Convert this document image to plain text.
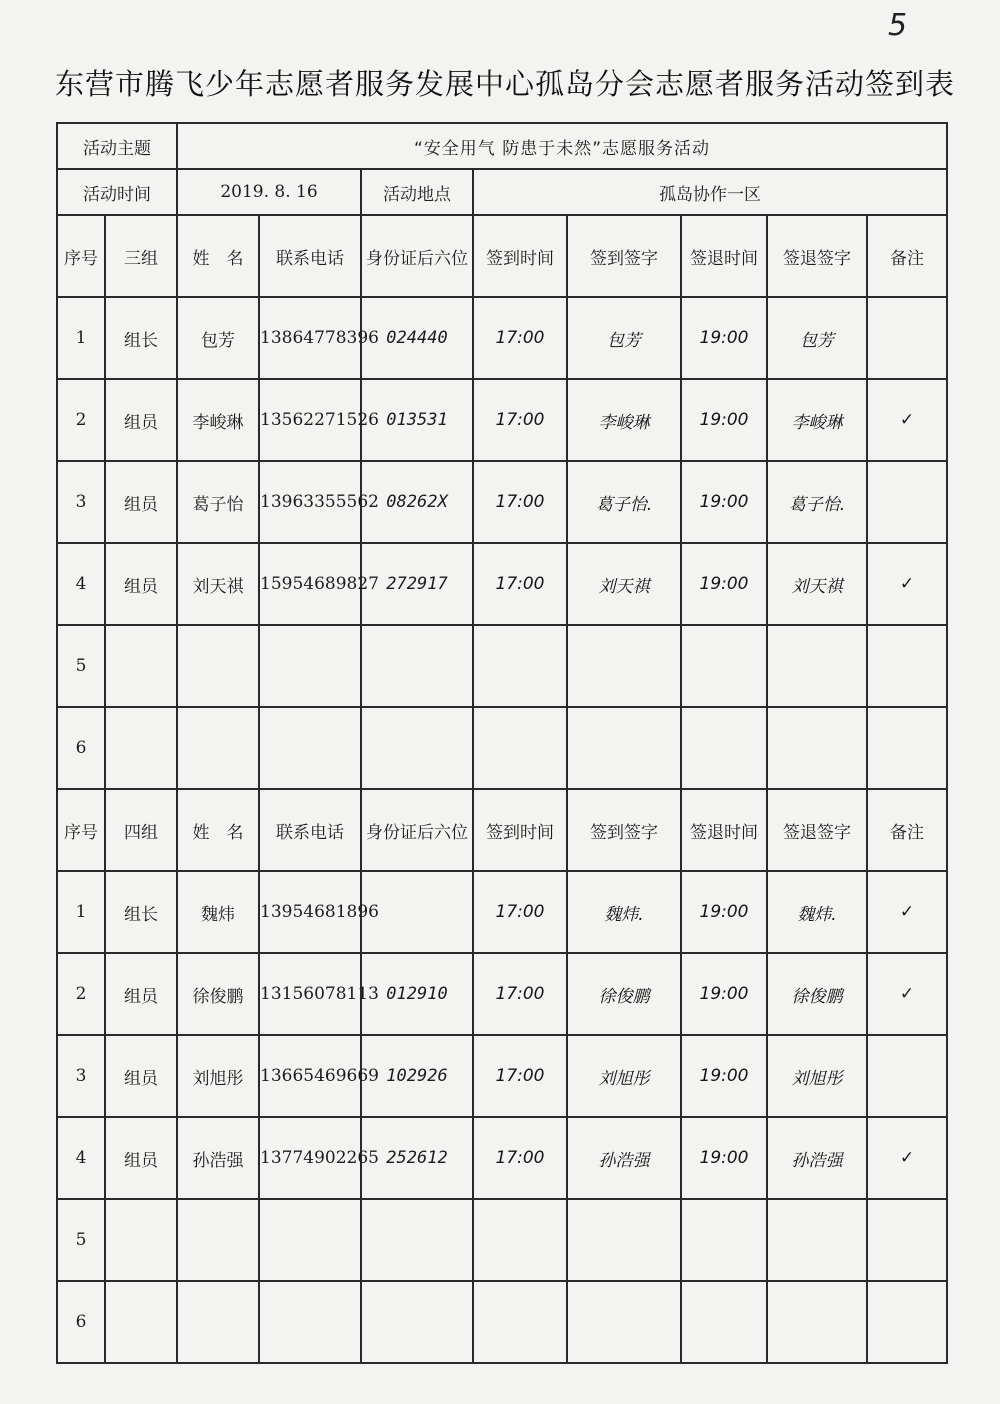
5
东营市腾飞少年志愿者服务发展中心孤岛分会志愿者服务活动签到表
活动主题		“安全用气 防患于未然”志愿服务活动							
活动时间		2019. 8. 16		活动地点	孤岛协作一区				
序号	三组	姓　名	联系电话	身份证后六位	签到时间	签到签字	签退时间	签退签字	备注
1	组长	包芳	13864778396	024440	17:00	包芳	19:00	包芳	
2	组员	李峻琳	13562271526	013531	17:00	李峻琳	19:00	李峻琳	✓
3	组员	葛子怡	13963355562	08262X	17:00	葛子怡.	19:00	葛子怡.	
4	组员	刘天祺	15954689827	272917	17:00	刘天祺	19:00	刘天祺	✓
5									
6									
序号	四组	姓　名	联系电话	身份证后六位	签到时间	签到签字	签退时间	签退签字	备注
1	组长	魏炜	13954681896		17:00	魏炜.	19:00	魏炜.	✓
2	组员	徐俊鹏	13156078113	012910	17:00	徐俊鹏	19:00	徐俊鹏	✓
3	组员	刘旭彤	13665469669	102926	17:00	刘旭彤	19:00	刘旭彤	
4	组员	孙浩强	13774902265	252612	17:00	孙浩强	19:00	孙浩强	✓
5									
6									
